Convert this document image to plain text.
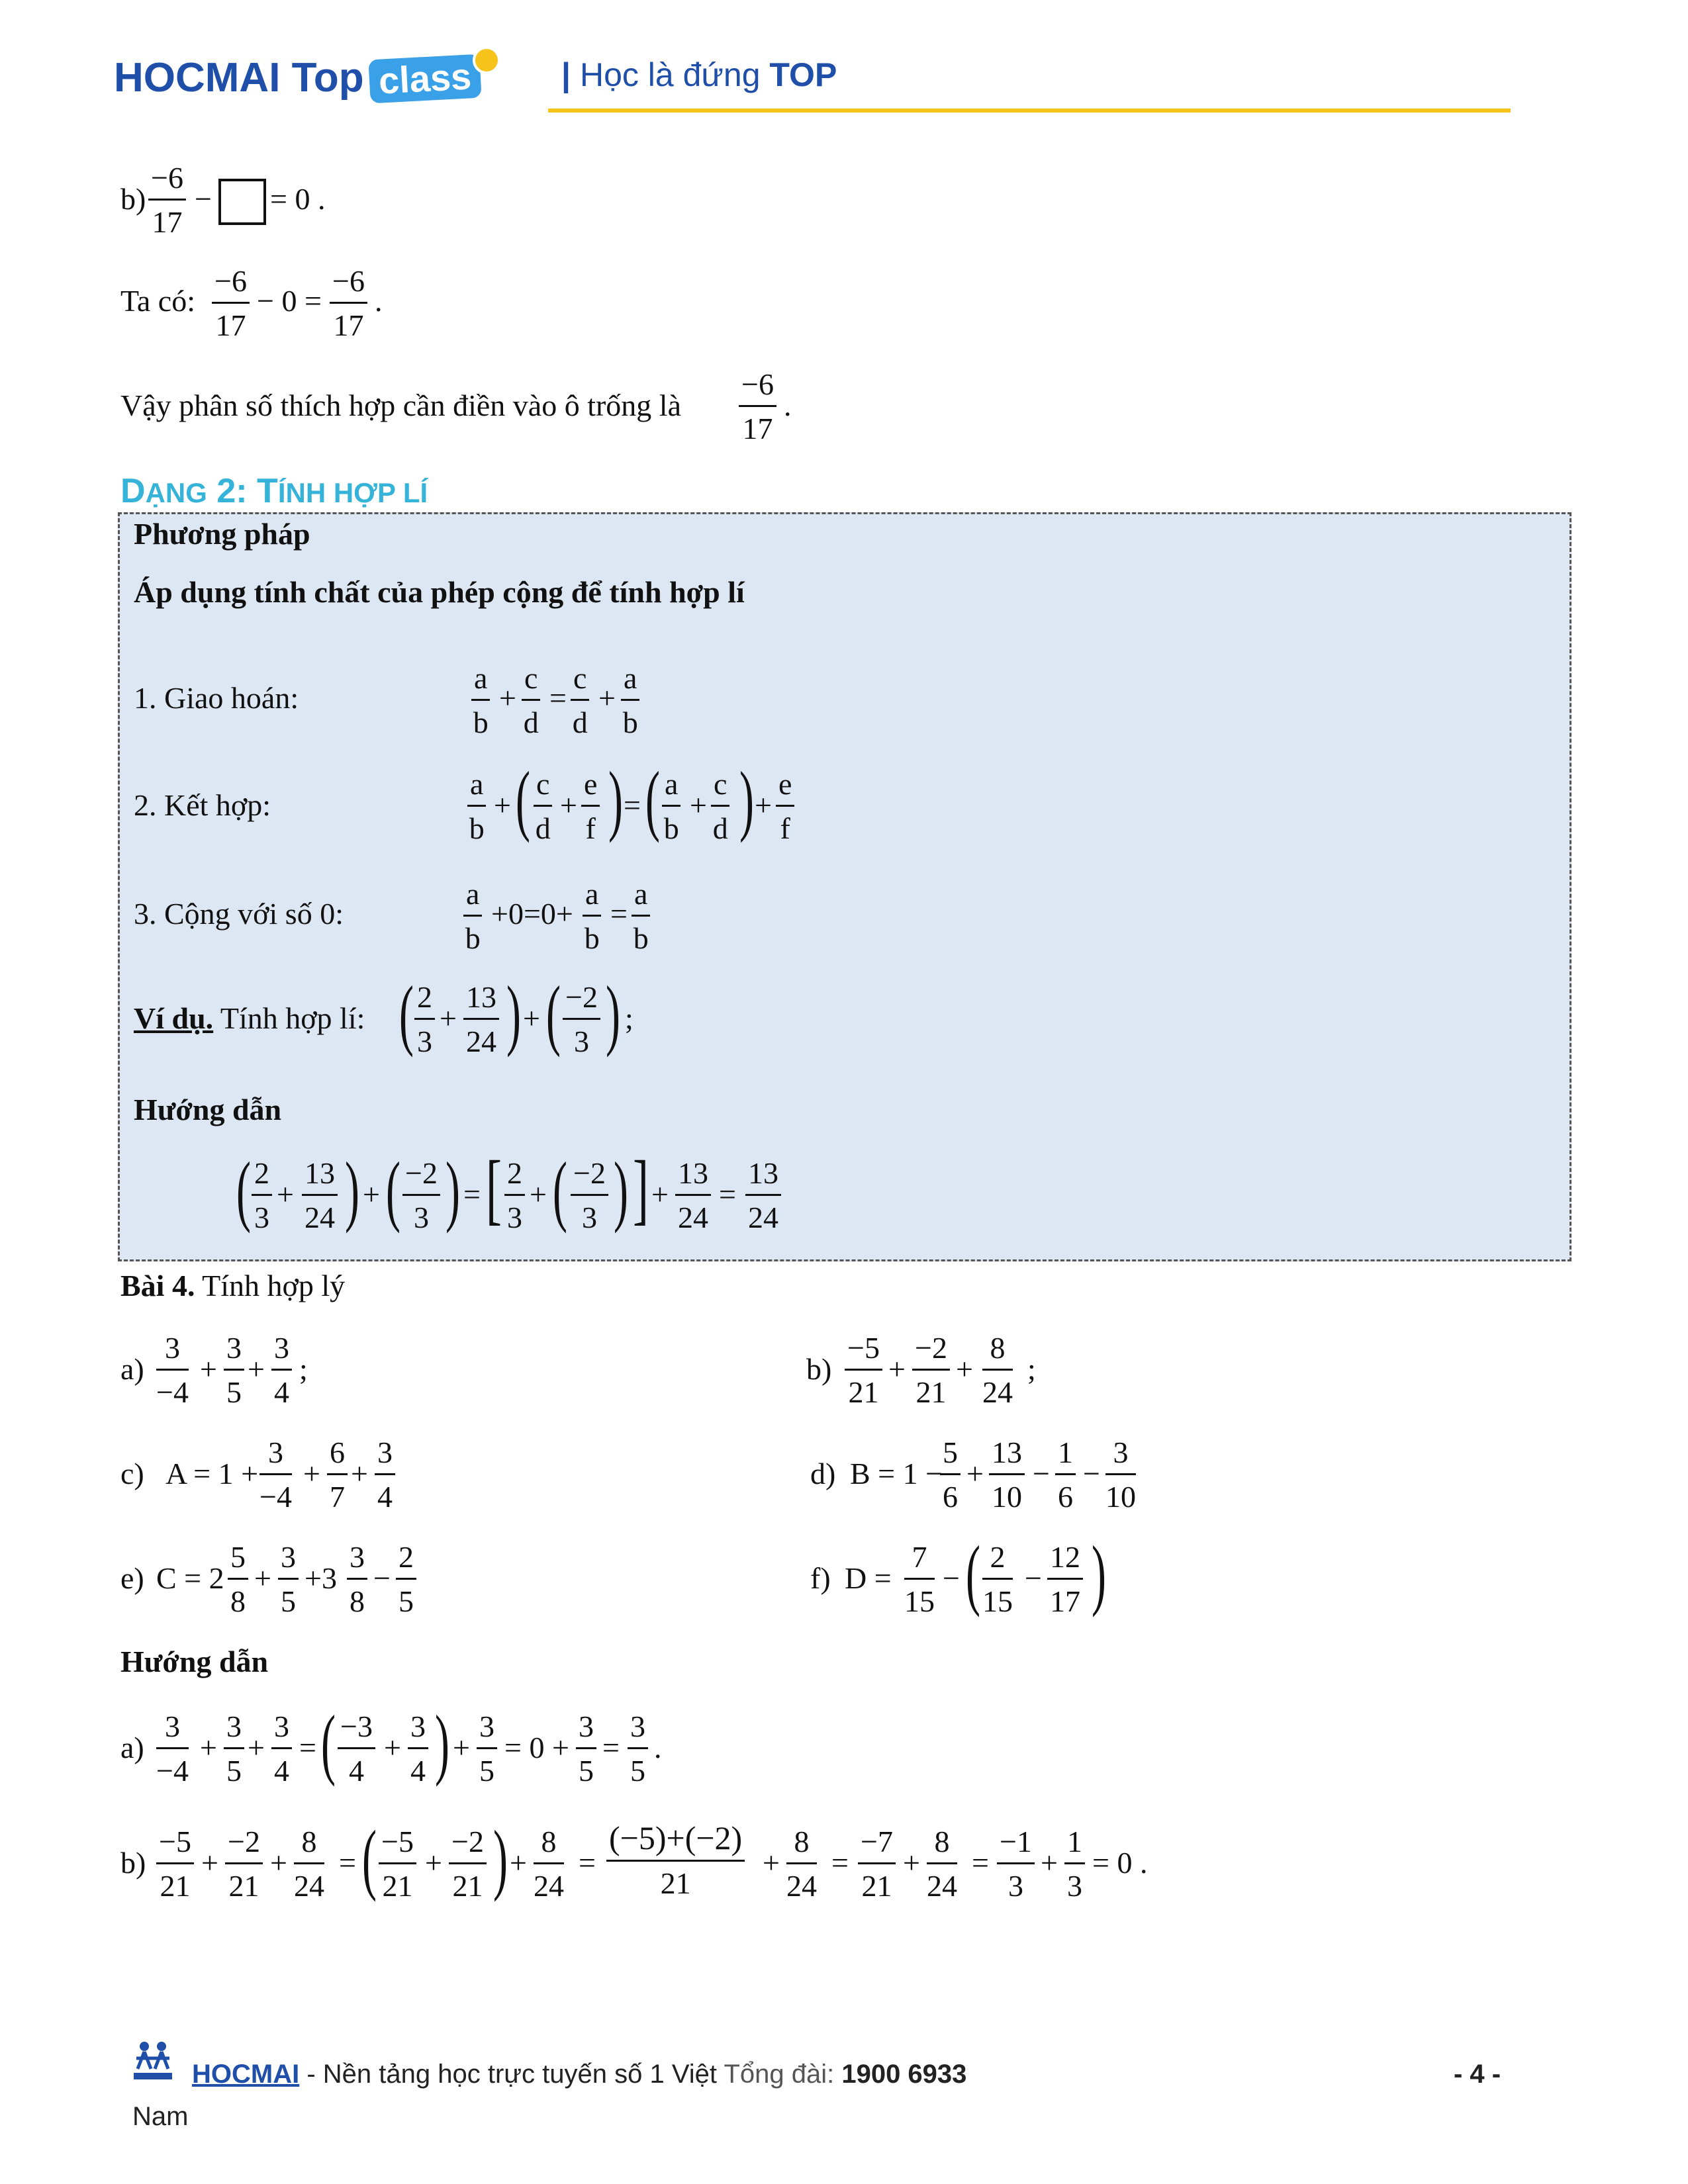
HOCMAI Top class	| Học là đứng TOP
b)
−6
17
− = 0 .
Ta có:
−6
17
− 0 =
−6
17
.
Vậy phân số thích hợp cần điền vào ô trống là
−6
17
.
DẠNG 2: TÍNH HỢP LÍ
Phương pháp
Áp dụng tính chất của phép cộng để tính hợp lí
1. Giao hoán:
a
b
+
c
d
=
c
d
+
a
b
2. Kết hợp:
a
b
+ ( c
d
+
e
f ) = ( a
b
+
c
d ) +
e
f
3. Cộng với số 0:
a
b
+0=0+
a
b
=
a
b
Ví dụ. Tính hợp lí: ( 2
3
+
13
24 ) + ( −2
3 ) ;
Hướng dẫn
( 2
3
+
13
24 ) + ( −2
3 ) = [ 2
3
+ ( −2
3 ) ] +
13
24
=
13
24
Bài 4. Tính hợp lý
a)
3
−4
+
3
5
+
3
4
;	b)
−5
21
+
−2
21
+
8
24
;
c) A = 1 +
3
−4
+
6
7
+
3
4
d) B = 1 −
5
6
+
13
10
−
1
6
−
3
10
e) C = 2
5
8
+
3
5
+3
3
8
−
2
5
f) D =
7
15
− ( 2
15
−
12
17 )
Hướng dẫn
a)
3
−4
+
3
5
+
3
4
= ( −3
4
+
3
4 ) +
3
5
= 0 +
3
5
=
3
5
.
b)
−5
21
+
−2
21
+
8
24
= ( −5
21
+
−2
21 ) +
8
24
=
(−5)+(−2)
21
+
8
24
=
−7
21
+
8
24
=
−1
3
+
1
3
= 0 .
HOCMAI - Nền tảng học trực tuyến số 1 Việt Tổng đài: 1900 6933
Nam
- 4 -
